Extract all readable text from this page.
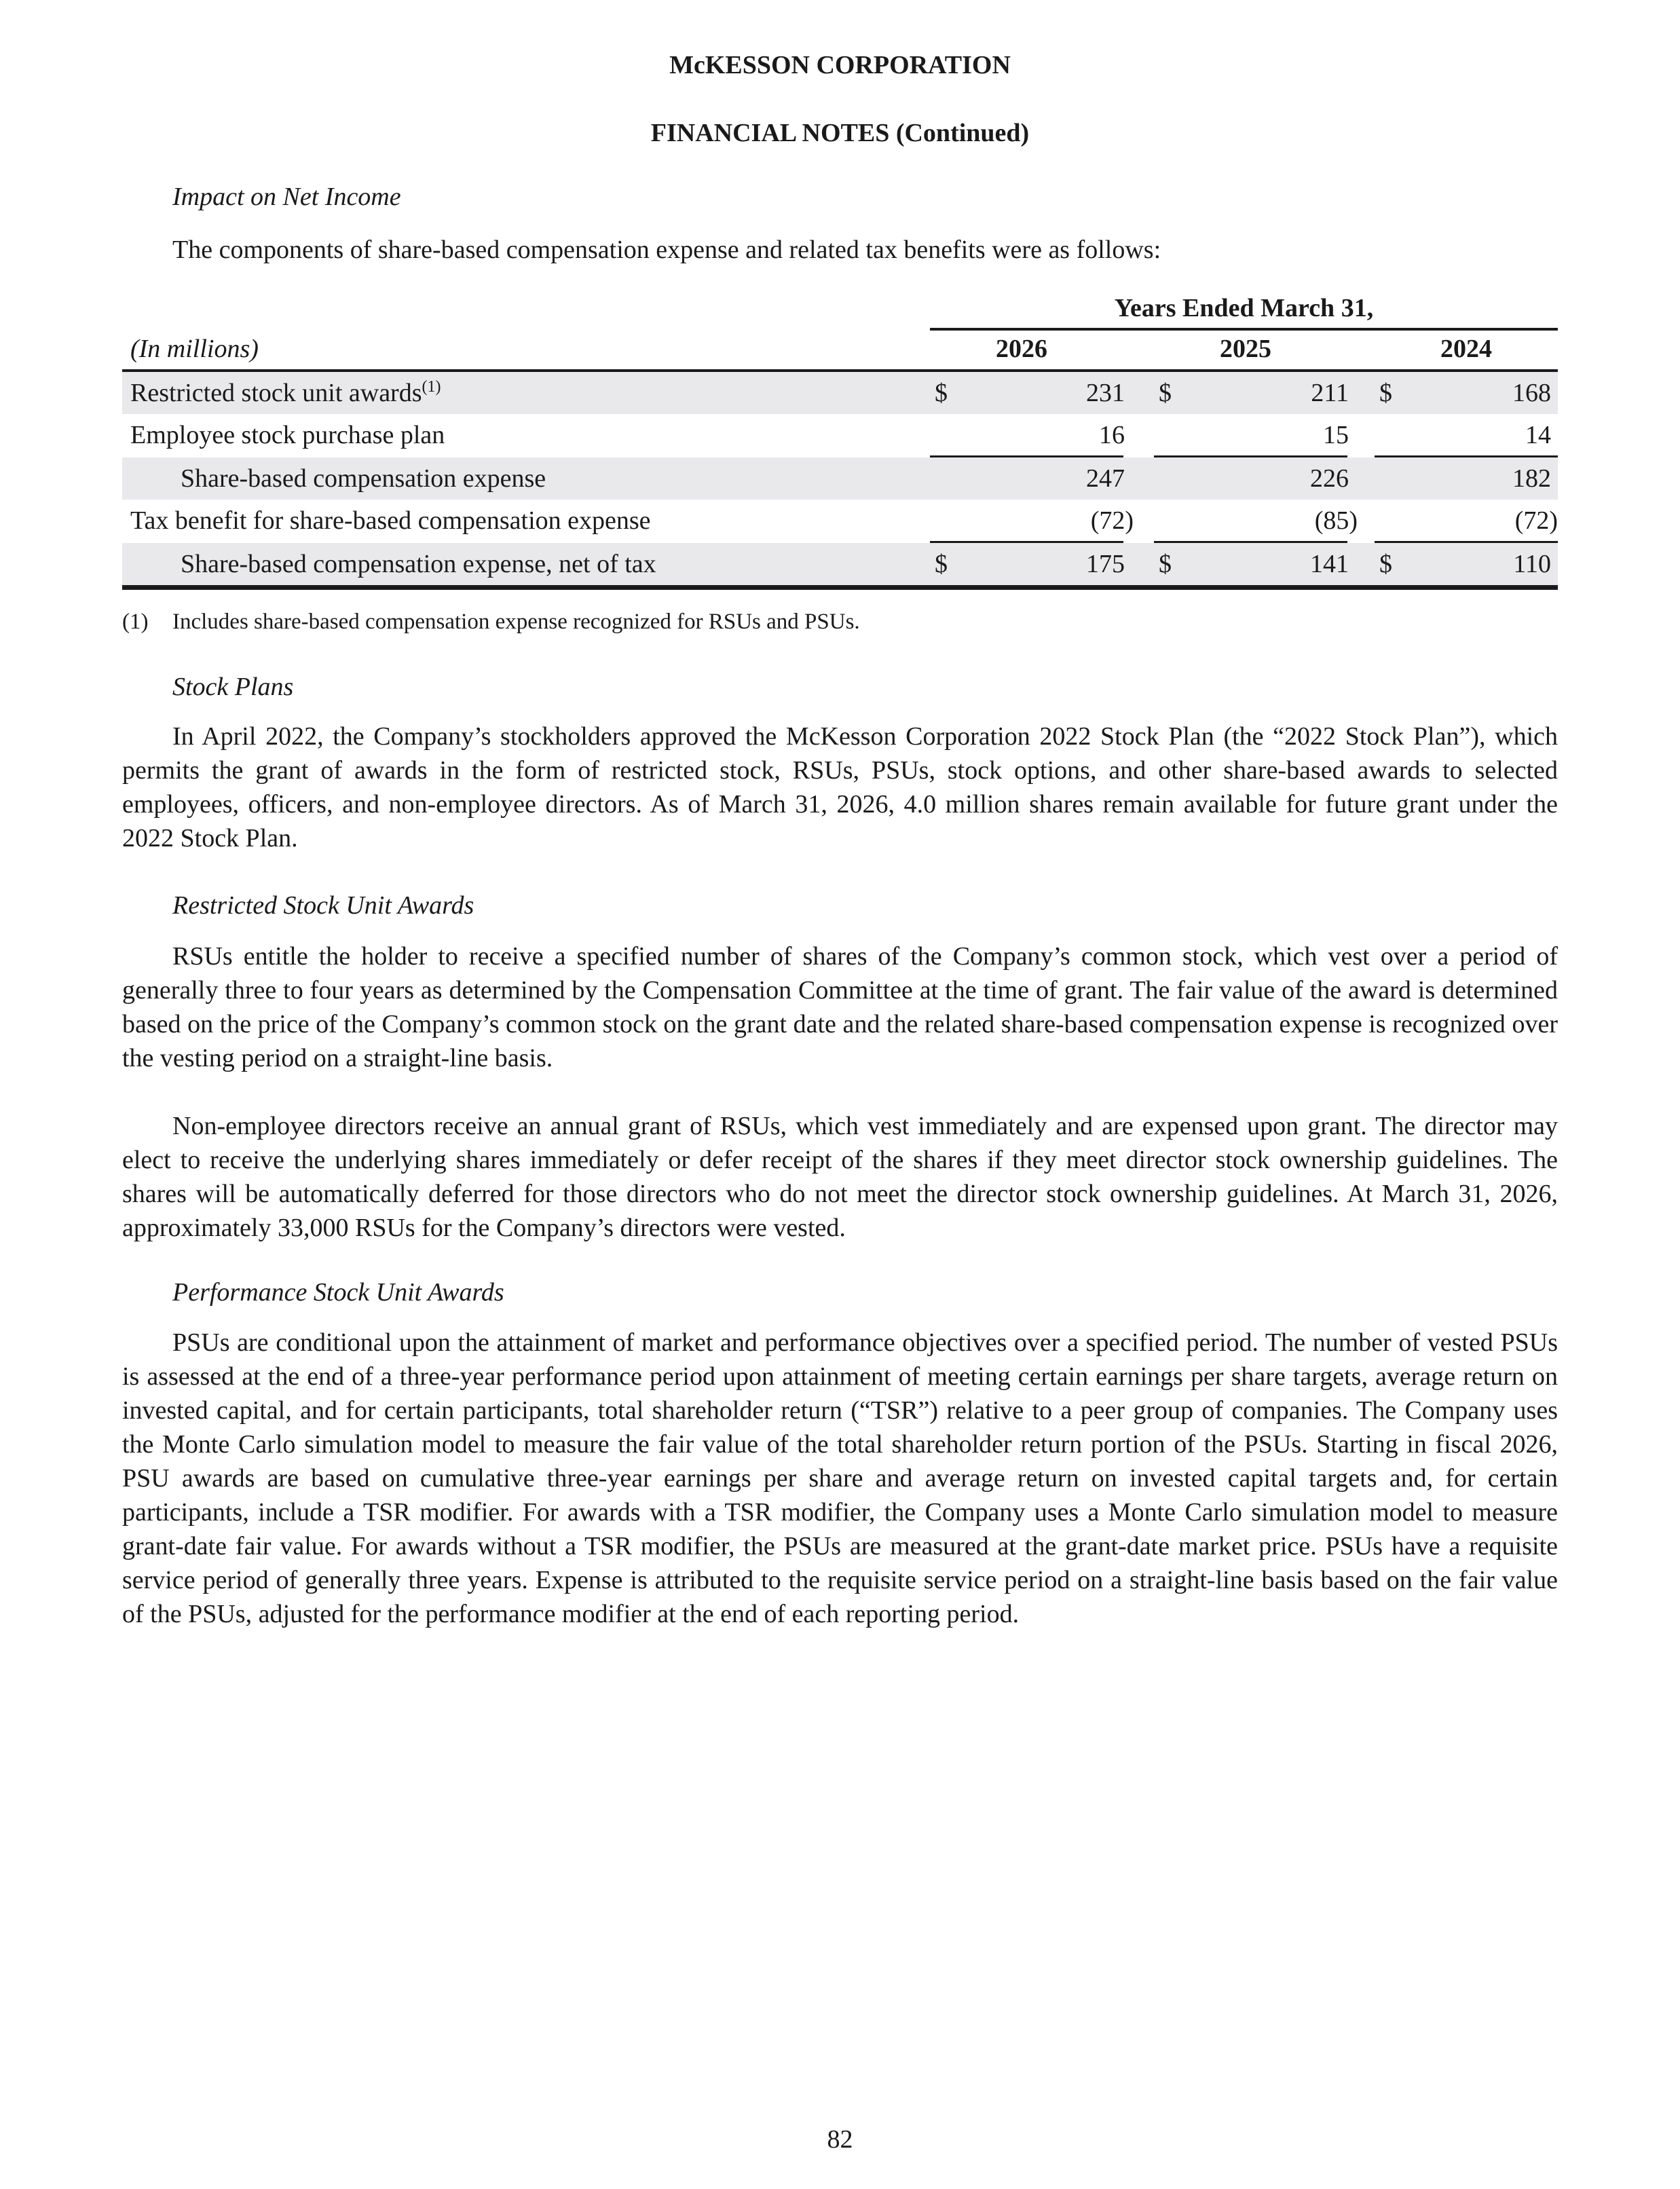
McKESSON CORPORATION
FINANCIAL NOTES (Continued)
Impact on Net Income
The components of share-based compensation expense and related tax benefits were as follows:
Years Ended March 31,
(In millions)	2026	2025	2024
Restricted stock unit awards$^{(1)}$	$	231 $	211 $	168
Employee stock purchase plan	16	15	14
Share-based compensation expense	247	226	182
Tax benefit for share-based compensation expense	(72)	(85)	(72)
Share-based compensation expense, net of tax	$	175 $	141 $	110
(1) Includes share-based compensation expense recognized for RSUs and PSUs.
Stock Plans

In April 2022, the Company’s stockholders approved the McKesson Corporation 2022 Stock Plan (the “2022 Stock Plan”), which permits the grant of awards in the form of restricted stock, RSUs, PSUs, stock options, and other share-based awards to selected employees, officers, and non-employee directors. As of March 31, 2026, 4.0 million shares remain available for future grant under the 2022 Stock Plan.

Restricted Stock Unit Awards

RSUs entitle the holder to receive a specified number of shares of the Company’s common stock, which vest over a period of generally three to four years as determined by the Compensation Committee at the time of grant. The fair value of the award is determined based on the price of the Company’s common stock on the grant date and the related share-based compensation expense is recognized over the vesting period on a straight-line basis.

Non-employee directors receive an annual grant of RSUs, which vest immediately and are expensed upon grant. The director may elect to receive the underlying shares immediately or defer receipt of the shares if they meet director stock ownership guidelines. The shares will be automatically deferred for those directors who do not meet the director stock ownership guidelines. At March 31, 2026, approximately 33,000 RSUs for the Company’s directors were vested.

Performance Stock Unit Awards

PSUs are conditional upon the attainment of market and performance objectives over a specified period. The number of vested PSUs is assessed at the end of a three-year performance period upon attainment of meeting certain earnings per share targets, average return on invested capital, and for certain participants, total shareholder return (“TSR”) relative to a peer group of companies. The Company uses the Monte Carlo simulation model to measure the fair value of the total shareholder return portion of the PSUs. Starting in fiscal 2026, PSU awards are based on cumulative three-year earnings per share and average return on invested capital targets and, for certain participants, include a TSR modifier. For awards with a TSR modifier, the Company uses a Monte Carlo simulation model to measure grant-date fair value. For awards without a TSR modifier, the PSUs are measured at the grant-date market price. PSUs have a requisite service period of generally three years. Expense is attributed to the requisite service period on a straight-line basis based on the fair value of the PSUs, adjusted for the performance modifier at the end of each reporting period.

82
